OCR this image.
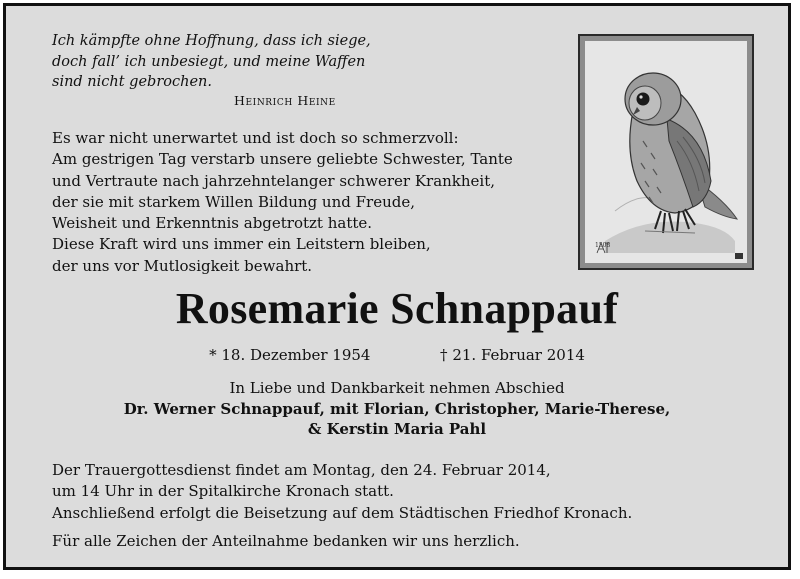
Ich kämpfte ohne Hoffnung, dass ich siege,
doch fall’ ich unbesiegt, und meine Waffen
sind nicht gebrochen.
Heinrich Heine
Es war nicht unerwartet und ist doch so schmerzvoll:
Am gestrigen Tag verstarb unsere geliebte Schwester, Tante
und Vertraute nach jahrzehntelanger schwerer Krankheit,
der sie mit starkem Willen Bildung und Freude,
Weisheit und Erkenntnis abgetrotzt hatte.
Diese Kraft wird uns immer ein Leitstern bleiben,
der uns vor Mutlosigkeit bewahrt.
1508
Rosemarie Schnappauf
* 18. Dezember 1954	† 21. Februar 2014
In Liebe und Dankbarkeit nehmen Abschied
Dr. Werner Schnappauf, mit Florian, Christopher, Marie-Therese,
& Kerstin Maria Pahl
Der Trauergottesdienst findet am Montag, den 24. Februar 2014,
um 14 Uhr in der Spitalkirche Kronach statt.
Anschließend erfolgt die Beisetzung auf dem Städtischen Friedhof Kronach.
Für alle Zeichen der Anteilnahme bedanken wir uns herzlich.
